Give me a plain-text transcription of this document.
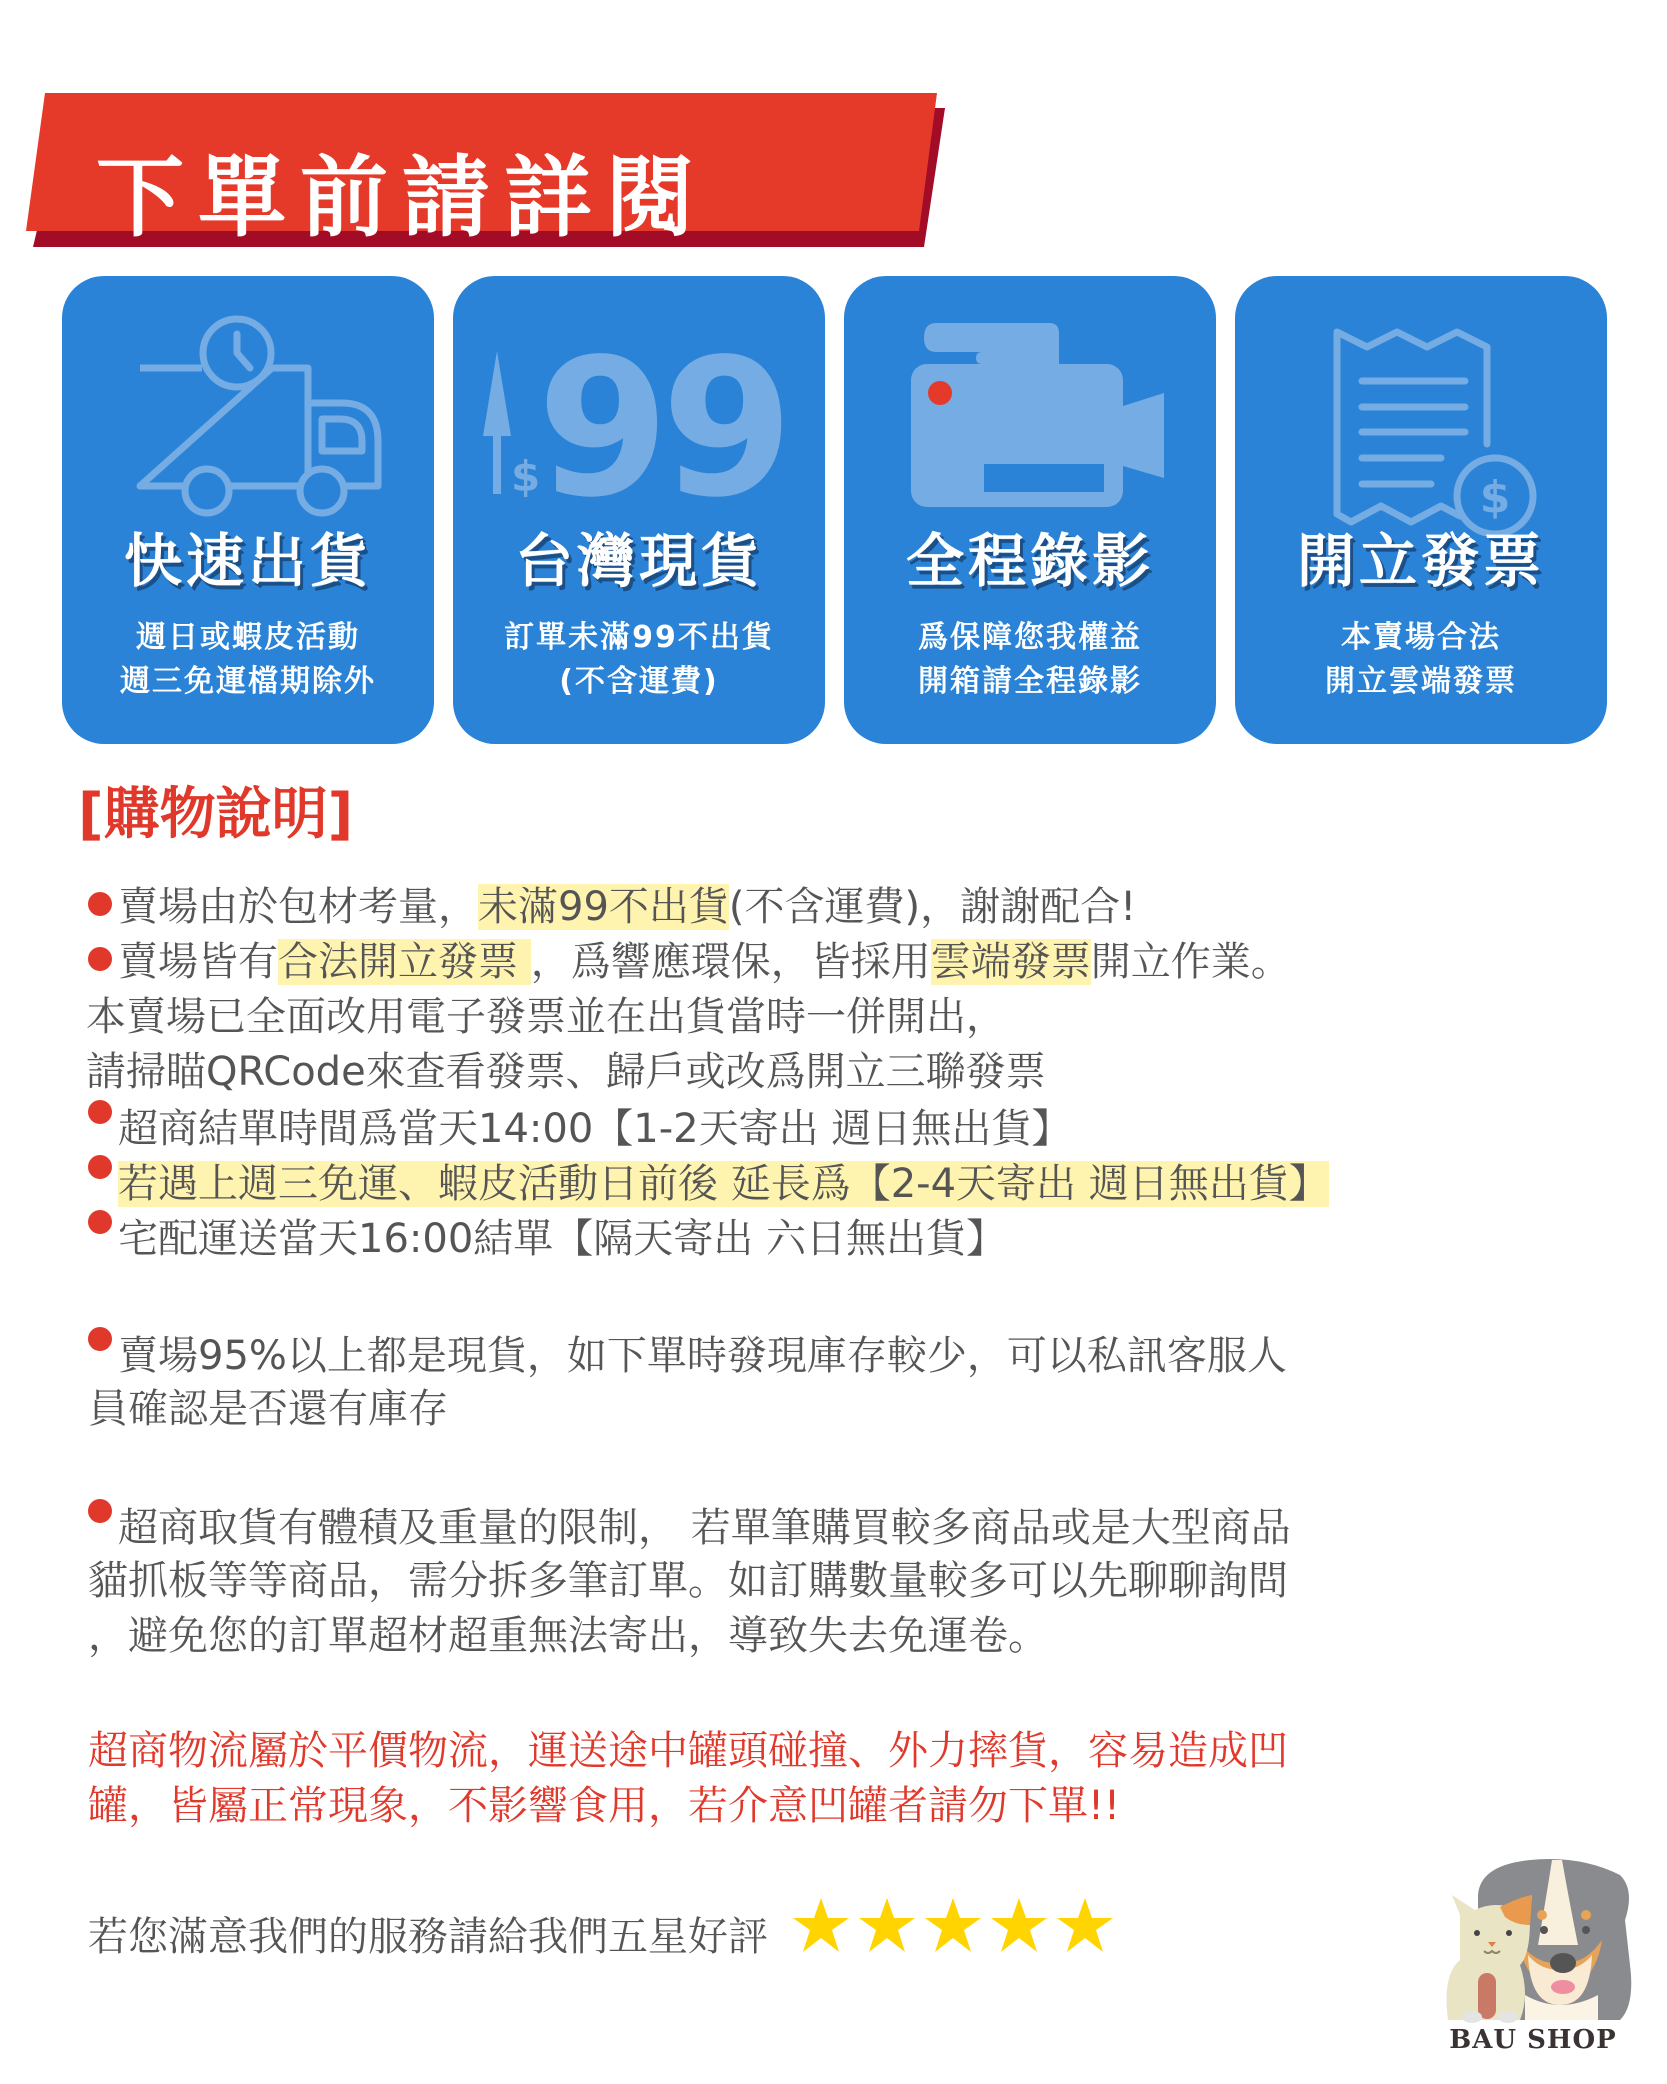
下單前請詳閱
快速出貨
週日或蝦皮活動
週三免運檔期除外
$
99
台灣現貨
訂單未滿99不出貨
(不含運費)
全程錄影
爲保障您我權益
開箱請全程錄影
$
開立發票
本賣場合法
開立雲端發票
[購物說明]
賣場由於包材考量，未滿99不出貨(不含運費)，謝謝配合!
賣場皆有合法開立發票 ，爲響應環保，皆採用雲端發票開立作業。
本賣場已全面改用電子發票並在出貨當時一併開出，
請掃瞄QRCode來查看發票、歸戶或改爲開立三聯發票
超商結單時間爲當天14:00【1-2天寄出 週日無出貨】
若遇上週三免運、蝦皮活動日前後 延長爲【2-4天寄出 週日無出貨】
宅配運送當天16:00結單【隔天寄出 六日無出貨】
賣場95%以上都是現貨，如下單時發現庫存較少，可以私訊客服人
員確認是否還有庫存
超商取貨有體積及重量的限制， 若單筆購買較多商品或是大型商品
貓抓板等等商品，需分拆多筆訂單。如訂購數量較多可以先聊聊詢問
，避免您的訂單超材超重無法寄出，導致失去免運卷。
超商物流屬於平價物流，運送途中罐頭碰撞、外力摔貨，容易造成凹
罐，皆屬正常現象，不影響食用，若介意凹罐者請勿下單!!
若您滿意我們的服務請給我們五星好評
BAU SHOP
